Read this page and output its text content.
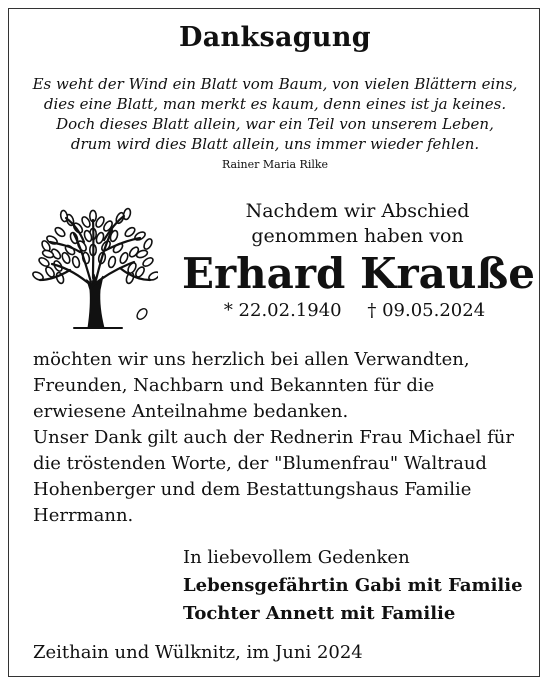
Danksagung
Es weht der Wind ein Blatt vom Baum, von vielen Blättern eins,
dies eine Blatt, man merkt es kaum, denn eines ist ja keines.
Doch dieses Blatt allein, war ein Teil von unserem Leben,
drum wird dies Blatt allein, uns immer wieder fehlen.
Rainer Maria Rilke
Nachdem wir Abschied
genommen haben von
Erhard Krauße
* 22.02.1940 † 09.05.2024

möchten wir uns herzlich bei allen Verwandten, Freunden, Nachbarn und Bekannten für die erwiesene Anteilnahme bedanken.

Unser Dank gilt auch der Rednerin Frau Michael für die tröstenden Worte, der "Blumenfrau" Waltraud Hohenberger und dem Bestattungshaus Familie Herrmann.

In liebevollem Gedenken
Lebensgefährtin Gabi mit Familie
Tochter Annett mit Familie
Zeithain und Wülknitz, im Juni 2024
